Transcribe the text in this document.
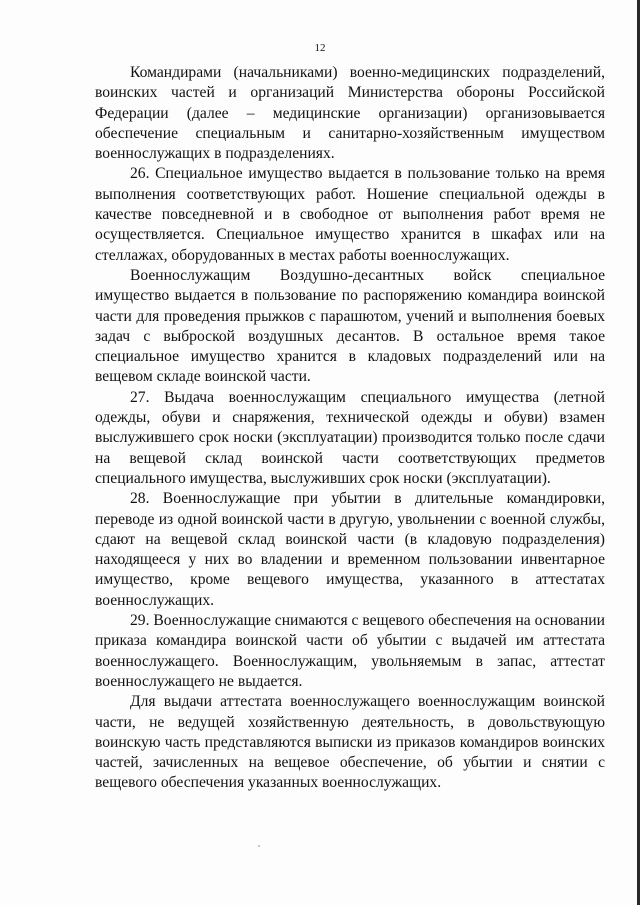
12

Командирами (начальниками) военно-медицинских подразделений, воинских частей и организаций Министерства обороны Российской Федерации (далее – медицинские организации) организовывается обеспечение специальным и санитарно-хозяйственным имуществом военнослужащих в подразделениях.

26. Специальное имущество выдается в пользование только на время выполнения соответствующих работ. Ношение специальной одежды в качестве повседневной и в свободное от выполнения работ время не осуществляется. Специальное имущество хранится в шкафах или на стеллажах, оборудованных в местах работы военнослужащих.

Военнослужащим Воздушно-десантных войск специальное имущество выдается в пользование по распоряжению командира воинской части для проведения прыжков с парашютом, учений и выполнения боевых задач с выброской воздушных десантов. В остальное время такое специальное имущество хранится в кладовых подразделений или на вещевом складе воинской части.

27. Выдача военнослужащим специального имущества (летной одежды, обуви и снаряжения, технической одежды и обуви) взамен выслужившего срок носки (эксплуатации) производится только после сдачи на вещевой склад воинской части соответствующих предметов специального имущества, выслуживших срок носки (эксплуатации).

28. Военнослужащие при убытии в длительные командировки, переводе из одной воинской части в другую, увольнении с военной службы, сдают на вещевой склад воинской части (в кладовую подразделения) находящееся у них во владении и временном пользовании инвентарное имущество, кроме вещевого имущества, указанного в аттестатах военнослужащих.

29. Военнослужащие снимаются с вещевого обеспечения на основании приказа командира воинской части об убытии с выдачей им аттестата военнослужащего. Военнослужащим, увольняемым в запас, аттестат военнослужащего не выдается.

Для выдачи аттестата военнослужащего военнослужащим воинской части, не ведущей хозяйственную деятельность, в довольствующую воинскую часть представляются выписки из приказов командиров воинских частей, зачисленных на вещевое обеспечение, об убытии и снятии с вещевого обеспечения указанных военнослужащих.
